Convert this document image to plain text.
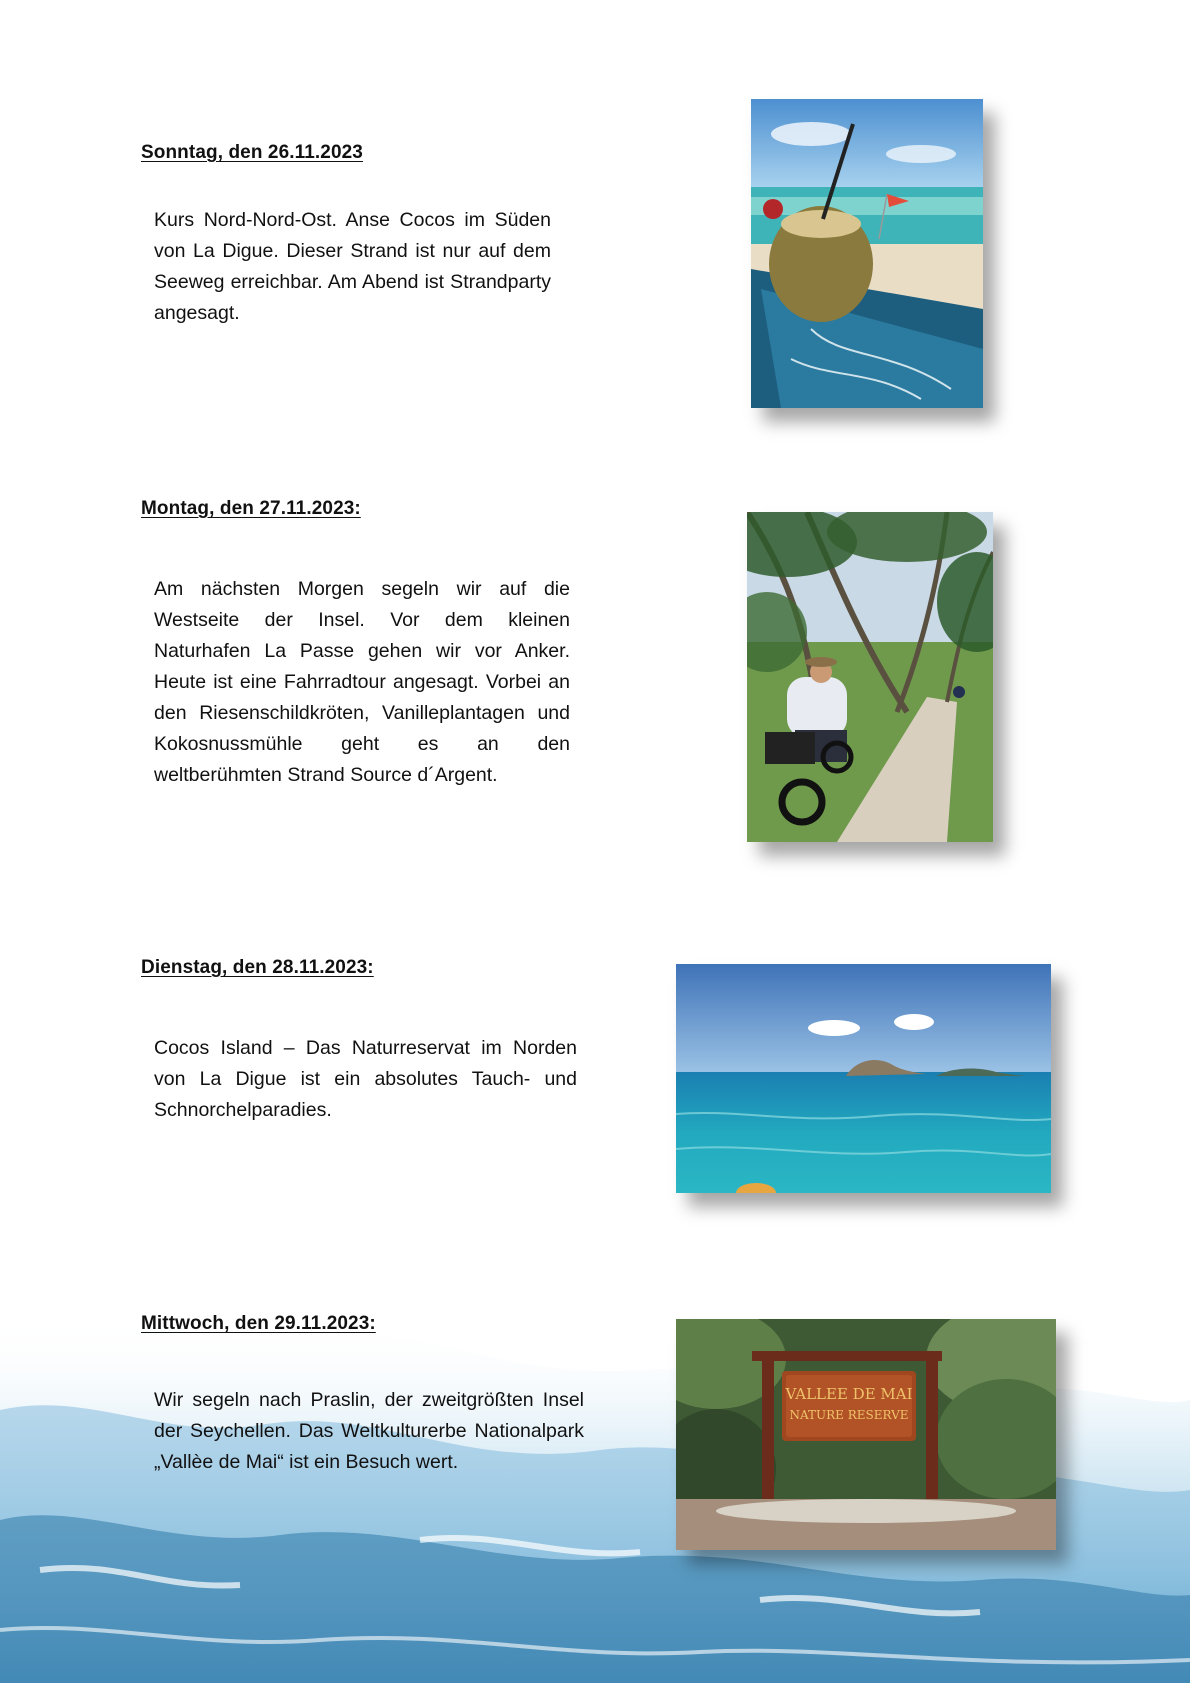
Sonntag, den 26.11.2023

Kurs Nord-Nord-Ost. Anse Cocos im Süden von La Digue. Dieser Strand ist nur auf dem Seeweg erreichbar. Am Abend ist Strandparty angesagt.

Montag, den 27.11.2023:

Am nächsten Morgen segeln wir auf die Westseite der Insel. Vor dem kleinen Naturhafen La Passe gehen wir vor Anker. Heute ist eine Fahrradtour angesagt. Vorbei an den Riesenschildkröten, Vanilleplantagen und Kokosnussmühle geht es an den weltberühmten Strand Source d´Argent.

Dienstag, den 28.11.2023:

Cocos Island – Das Naturreservat im Norden von La Digue ist ein absolutes Tauch- und Schnorchelparadies.

Mittwoch, den 29.11.2023:

Wir segeln nach Praslin, der zweitgrößten Insel der Seychellen. Das Weltkulturerbe Nationalpark „Vallèe de Mai“ ist ein Besuch wert.

VALLEE DE MAI
NATURE RESERVE
